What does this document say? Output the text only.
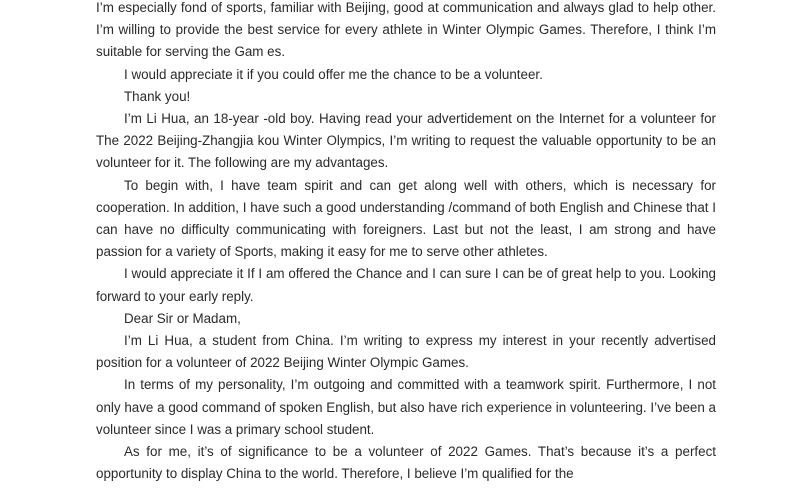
I’m especially fond of sports, familiar with Beijing, good at communication and always glad to help other. I’m willing to provide the best service for every athlete in Winter Olympic Games. Therefore, I think I’m suitable for serving the Gam es.

I would appreciate it if you could offer me the chance to be a volunteer.

Thank you!

I’m Li Hua, an 18-year -old boy. Having read your advertidement on the Internet for a volunteer for The 2022 Beijing-Zhangjia kou Winter Olympics, I’m writing to request the valuable opportunity to be an volunteer for it. The following are my advantages.

To begin with, I have team spirit and can get along well with others, which is necessary for cooperation. In addition, I have such a good understanding /command of both English and Chinese that I can have no difficulty communicating with foreigners. Last but not the least, I am strong and have passion for a variety of Sports, making it easy for me to serve other athletes.

I would appreciate it If I am offered the Chance and I can sure I can be of great help to you. Looking forward to your early reply.

Dear Sir or Madam,

I’m Li Hua, a student from China. I’m writing to express my interest in your recently advertised position for a volunteer of 2022 Beijing Winter Olympic Games.

In terms of my personality, I’m outgoing and committed with a teamwork spirit. Furthermore, I not only have a good command of spoken English, but also have rich experience in volunteering. I’ve been a volunteer since I was a primary school student.

As for me, it’s of significance to be a volunteer of 2022 Games. That’s because it’s a perfect opportunity to display China to the world. Therefore, I believe I’m qualified for the
